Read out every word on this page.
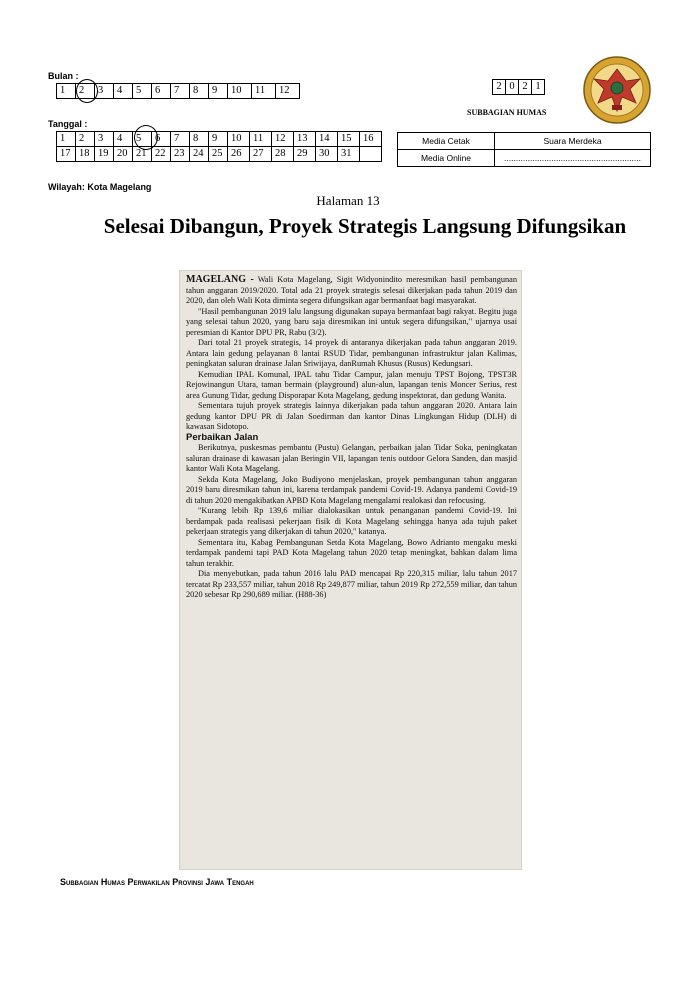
Bulan :
1	2	3	4	5	6	7	8	9	10	11	12
Tanggal :
1	2	3	4	5	6	7	8	9	10	11	12	13	14	15	16
17	18	19	20	21	22	23	24	25	26	27	28	29	30	31	
2	0	2	1
SUBBAGIAN HUMAS
Media Cetak	Suara Merdeka
Media Online	..........................................................
Wilayah: Kota Magelang
Halaman 13
Selesai Dibangun, Proyek Strategis Langsung Difungsikan

MAGELANG - Wali Kota Magelang, Sigit Widyonindito meresmikan hasil pembangunan tahun anggaran 2019/2020. Total ada 21 proyek strategis selesai dikerjakan pada tahun 2019 dan 2020, dan oleh Wali Kota diminta segera difungsikan agar bermanfaat bagi masyarakat.

"Hasil pembangunan 2019 lalu langsung digunakan supaya bermanfaat bagi rakyat. Begitu juga yang selesai tahun 2020, yang baru saja diresmikan ini untuk segera difungsikan," ujarnya usai peresmian di Kantor DPU PR, Rabu (3/2).

Dari total 21 proyek strategis, 14 proyek di antaranya dikerjakan pada tahun anggaran 2019. Antara lain gedung pelayanan 8 lantai RSUD Tidar, pembangunan infrastruktur jalan Kalimas, peningkatan saluran drainase Jalan Sriwijaya, danRumah Khusus (Rusus) Kedungsari.

Kemudian IPAL Komunal, IPAL tahu Tidar Campur, jalan menuju TPST Bojong, TPST3R Rejowinangun Utara, taman bermain (playground) alun-alun, lapangan tenis Moncer Serius, rest area Gunung Tidar, gedung Disporapar Kota Magelang, gedung inspektorat, dan gedung Wanita.

Sementara tujuh proyek strategis lainnya dikerjakan pada tahun anggaran 2020. Antara lain gedung kantor DPU PR di Jalan Soedirman dan kantor Dinas Lingkungan Hidup (DLH) di kawasan Sidotopo.

Perbaikan Jalan

Berikutnya, puskesmas pembantu (Pustu) Gelangan, perbaikan jalan Tidar Soka, peningkatan saluran drainase di kawasan jalan Beringin VII, lapangan tenis outdoor Gelora Sanden, dan masjid kantor Wali Kota Magelang.

Sekda Kota Magelang, Joko Budiyono menjelaskan, proyek pembangunan tahun anggaran 2019 baru diresmikan tahun ini, karena terdampak pandemi Covid-19. Adanya pandemi Covid-19 di tahun 2020 mengakibatkan APBD Kota Magelang mengalami realokasi dan refocusing.

"Kurang lebih Rp 139,6 miliar dialokasikan untuk penanganan pandemi Covid-19. Ini berdampak pada realisasi pekerjaan fisik di Kota Magelang sehingga hanya ada tujuh paket pekerjaan strategis yang dikerjakan di tahun 2020," katanya.

Sementara itu, Kabag Pembangunan Setda Kota Magelang, Bowo Adrianto mengaku meski terdampak pandemi tapi PAD Kota Magelang tahun 2020 tetap meningkat, bahkan dalam lima tahun terakhir.

Dia menyebutkan, pada tahun 2016 lalu PAD mencapai Rp 220,315 miliar, lalu tahun 2017 tercatat Rp 233,557 miliar, tahun 2018 Rp 249,877 miliar, tahun 2019 Rp 272,559 miliar, dan tahun 2020 sebesar Rp 290,689 miliar. (H88-36)

Subbagian Humas Perwakilan Provinsi Jawa Tengah
